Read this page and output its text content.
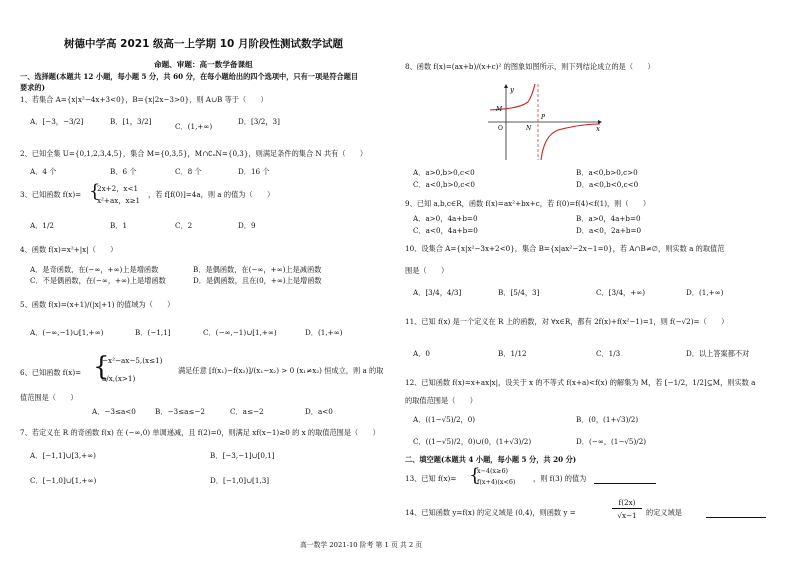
树德中学高 2021 级高一上学期 10 月阶段性测试数学试题
命题、审题：高一数学备课组
一、选择题(本题共 12 小题，每小题 5 分，共 60 分，在每小题给出的四个选项中，只有一项是符合题目
要求的)
1、若集合 A={x|x²−4x+3<0}，B={x|2x−3>0}，则 A∪B 等于（　　）
A．[−3，−3/2]	B．[1，3/2]
C．(1,+∞)
D．[3/2，3]
2、已知全集 U={0,1,2,3,4,5}，集合 M={0,3,5}，M∩∁ᵤN={0,3}，则满足条件的集合 N 共有（　　）
A．4 个	B．6 个	C．8 个	D．16 个
3、已知函数 f(x)= {
2x+2，x<1
x²+ax，x≥1
，若 f[f(0)]=4a，则 a 的值为（　　）
A．1/2	B．1	C．2	D．9
4、函数 f(x)=x²+|x|（　　）
A．是奇函数，在(−∞，+∞)上是增函数	B．是偶函数，在(−∞，+∞)上是减函数
C．不是偶函数，在(−∞，+∞)上是增函数	D．是偶函数，且在(0，+∞)上是增函数
5、函数 f(x)=(x+1)/(|x|+1) 的值域为（　　）
A．(−∞,−1)∪[1,+∞)	B．(−1,1]	C．(−∞,−1)∪[1,+∞)	D．(1,+∞)
6、已知函数 f(x)= {
−x²−ax−5,(x≤1)
a/x,(x>1)
满足任意 [f(x₁)−f(x₂)]/(x₁−x₂) > 0 (x₁≠x₂) 恒成立，则 a 的取
值范围是（　　）
A．−3≤a<0	B．−3≤a≤−2	C．a≤−2	D．a<0
7、若定义在 R 的奇函数 f(x) 在 (−∞,0) 单调递减，且 f(2)=0，则满足 xf(x−1)≥0 的 x 的取值范围是（　　）
A．[−1,1]∪[3,+∞)	B．[−3,−1]∪[0,1]
C．[−1,0]∪[1,+∞)	D．[−1,0]∪[1,3]
8、函数 f(x)=(ax+b)/(x+c)² 的图象如图所示，则下列结论成立的是（　　）
y
x
O
M
N
P
A．a>0,b>0,c<0	B．a<0,b>0,c>0
C．a<0,b>0,c<0	D．a<0,b<0,c<0
9、已知 a,b,c∈R，函数 f(x)=ax²+bx+c，若 f(0)=f(4)<f(1)，则（　　）
A．a>0，4a+b=0	B．a>0，4a+b=0
C．a<0，4a+b=0	D．a<0，2a+b=0
10、设集合 A={x|x²−3x+2<0}，集合 B={x|ax²−2x−1=0}，若 A∩B≠∅，则实数 a 的取值范
围是（　　）
A．[3/4，4/3]	B．[5/4，3]	C．[3/4，+∞)	D．(1,+∞)
11、已知 f(x) 是一个定义在 R 上的函数，对 ∀x∈R，都有 2f(x)+f(x²−1)=1，则 f(−√2)=（　　）
A．0	B．1/12	C．1/3	D．以上答案都不对
12、已知函数 f(x)=x+ax|x|，设关于 x 的不等式 f(x+a)<f(x) 的解集为 M，若 [−1/2，1/2]⊆M，则实数 a
的取值范围是（　　）
A．((1−√5)/2，0)	B．(0，(1+√3)/2)
C．((1−√5)/2，0)∪(0，(1+√3)/2)	D．(−∞，(1−√5)/2)
二、填空题(本题共 4 小题，每小题 5 分，共 20 分)
13、已知 f(x)= {
x−4(x≥6)
f(x+4)(x<6) ，则 f(3) 的值为
14、已知函数 y=f(x) 的定义域是 (0,4)，则函数 y =
f(2x)
√x−1	的定义域是
高一数学 2021-10 阶考 第 1 页 共 2 页
